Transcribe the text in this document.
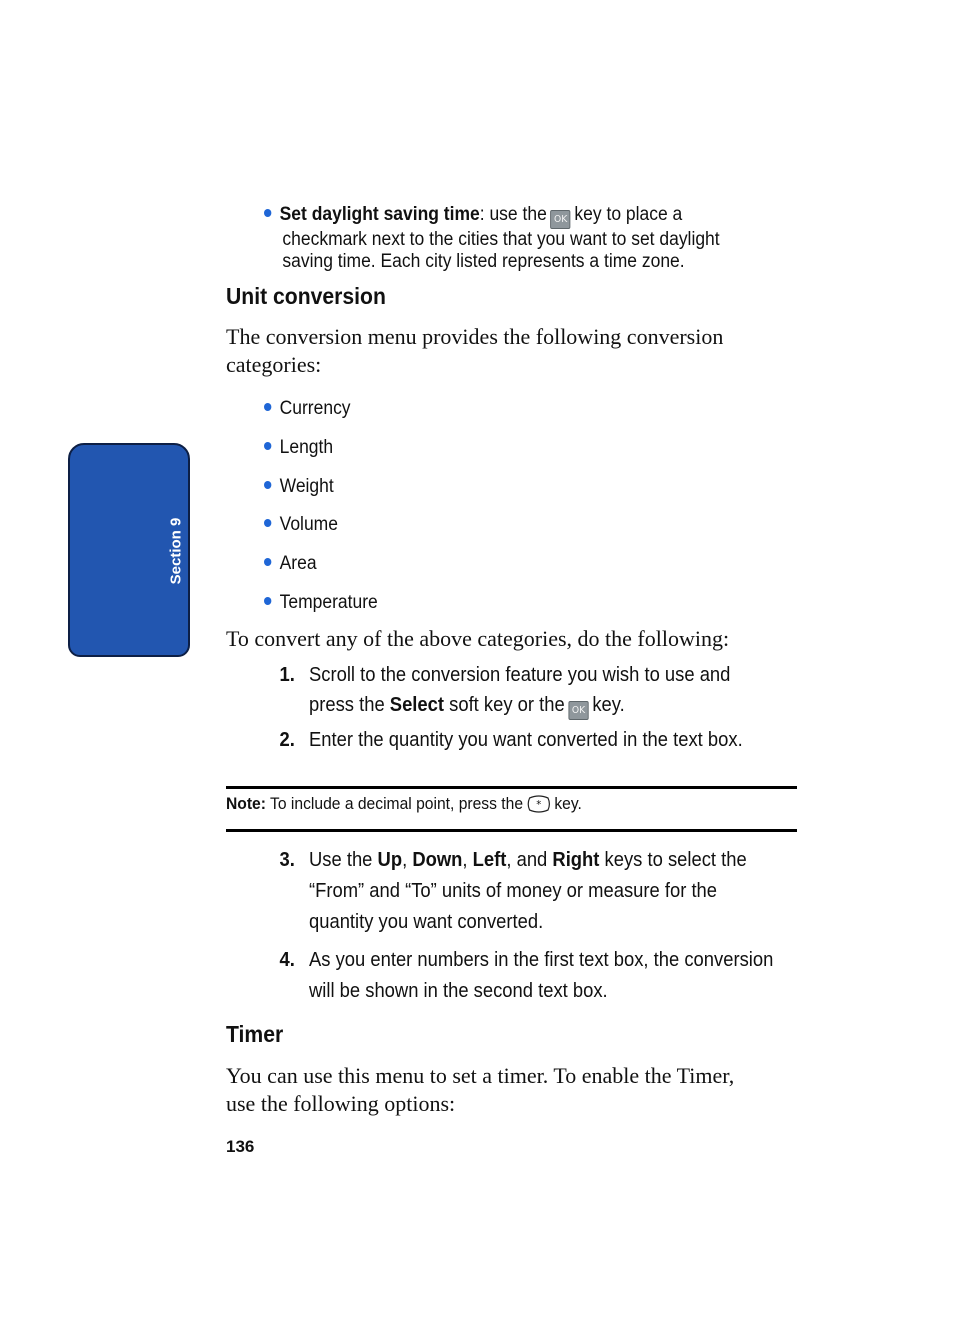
Section 9
Set daylight saving time: use the OK key to place a
checkmark next to the cities that you want to set daylight
saving time. Each city listed represents a time zone.
Unit conversion
The conversion menu provides the following conversion
categories:
Currency
Length
Weight
Volume
Area
Temperature
To convert any of the above categories, do the following:
1. Scroll to the conversion feature you wish to use and
press the Select soft key or the OK key.
2. Enter the quantity you want converted in the text box.
Note: To include a decimal point, press the * key.
3. Use the Up, Down, Left, and Right keys to select the
“From” and “To” units of money or measure for the
quantity you want converted.
4. As you enter numbers in the first text box, the conversion
will be shown in the second text box.
Timer
You can use this menu to set a timer. To enable the Timer,
use the following options:
136
